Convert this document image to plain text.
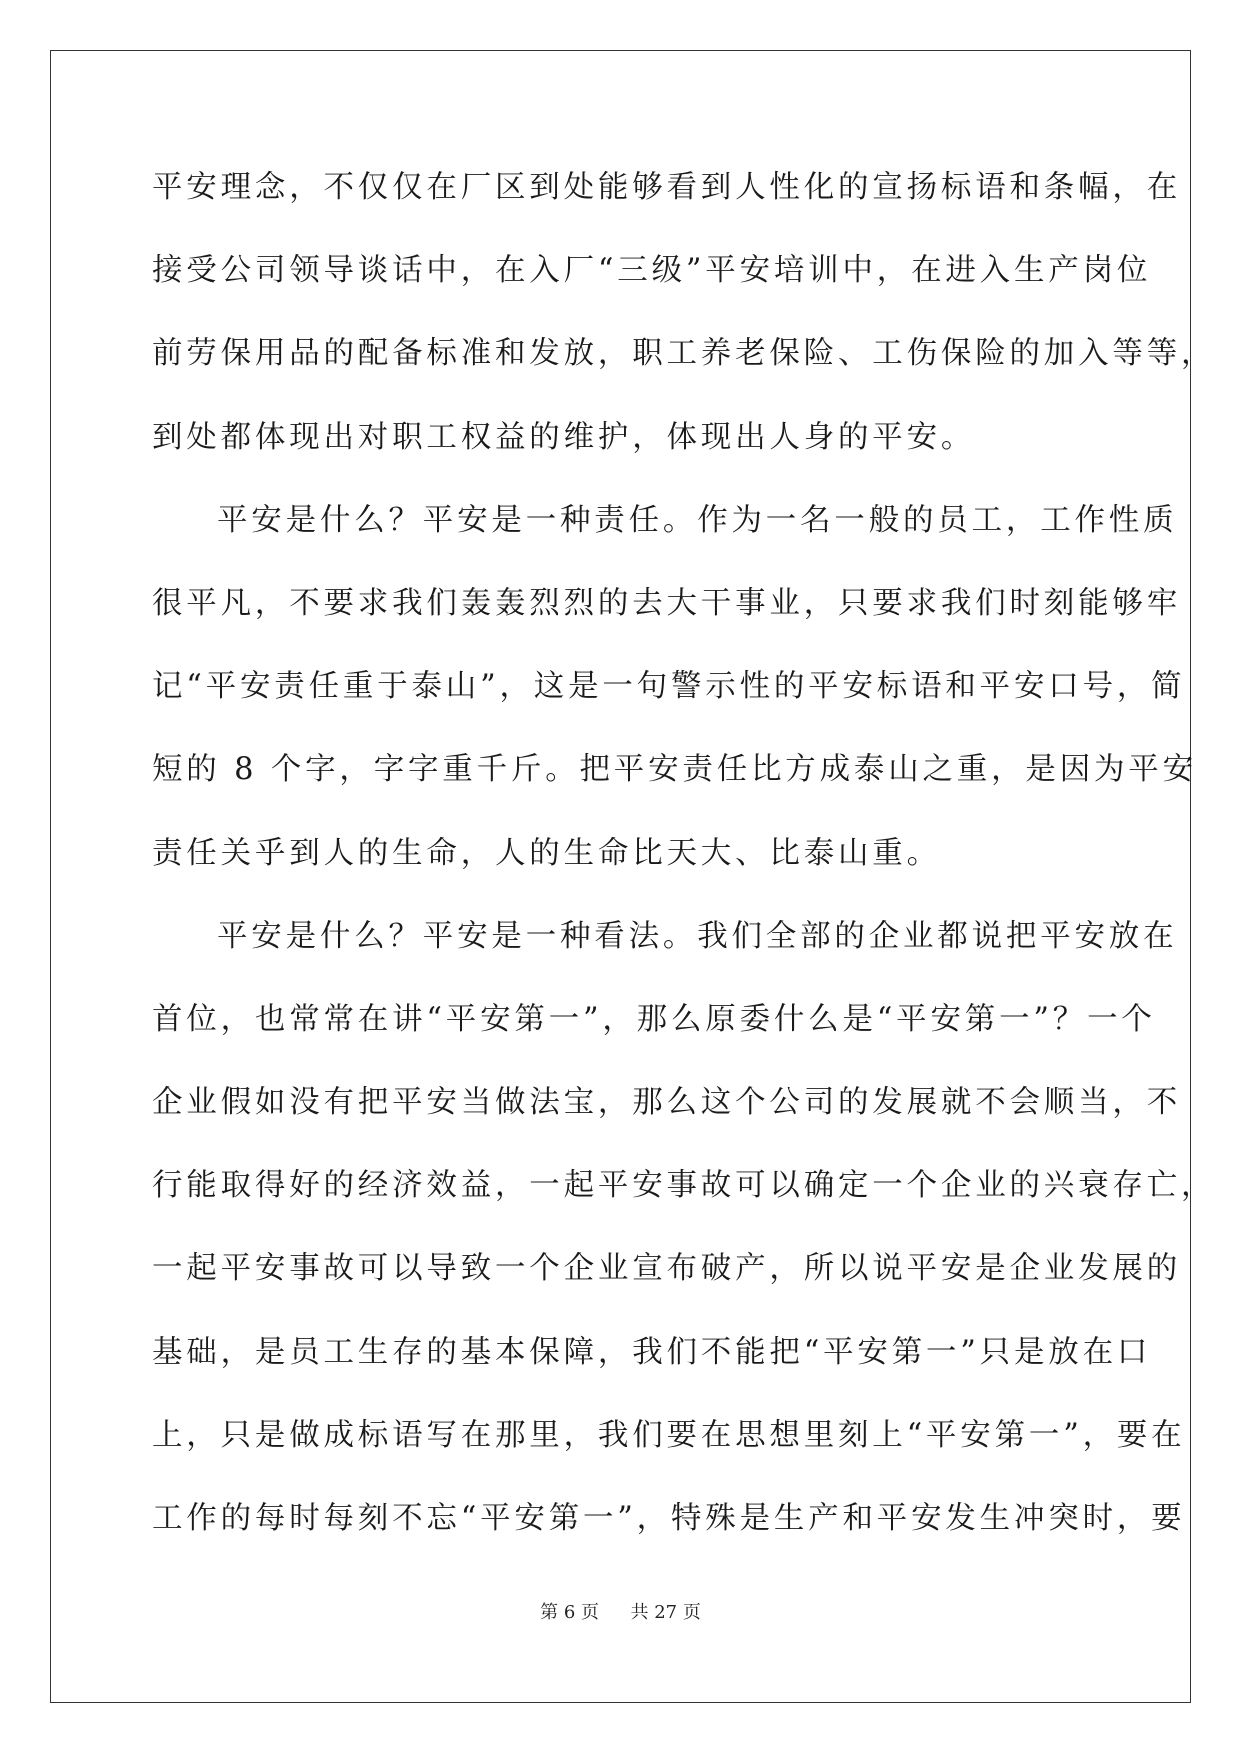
平安理念，不仅仅在厂区到处能够看到人性化的宣扬标语和条幅，在
接受公司领导谈话中，在入厂“三级”平安培训中，在进入生产岗位
前劳保用品的配备标准和发放，职工养老保险、工伤保险的加入等等，
到处都体现出对职工权益的维护，体现出人身的平安。
平安是什么？平安是一种责任。作为一名一般的员工，工作性质
很平凡，不要求我们轰轰烈烈的去大干事业，只要求我们时刻能够牢
记“平安责任重于泰山”，这是一句警示性的平安标语和平安口号，简
短的 8 个字，字字重千斤。把平安责任比方成泰山之重，是因为平安
责任关乎到人的生命，人的生命比天大、比泰山重。
平安是什么？平安是一种看法。我们全部的企业都说把平安放在
首位，也常常在讲“平安第一”，那么原委什么是“平安第一”？一个
企业假如没有把平安当做法宝，那么这个公司的发展就不会顺当，不
行能取得好的经济效益，一起平安事故可以确定一个企业的兴衰存亡，
一起平安事故可以导致一个企业宣布破产，所以说平安是企业发展的
基础，是员工生存的基本保障，我们不能把“平安第一”只是放在口
上，只是做成标语写在那里，我们要在思想里刻上“平安第一”，要在
工作的每时每刻不忘“平安第一”，特殊是生产和平安发生冲突时，要
第 6 页 共 27 页
